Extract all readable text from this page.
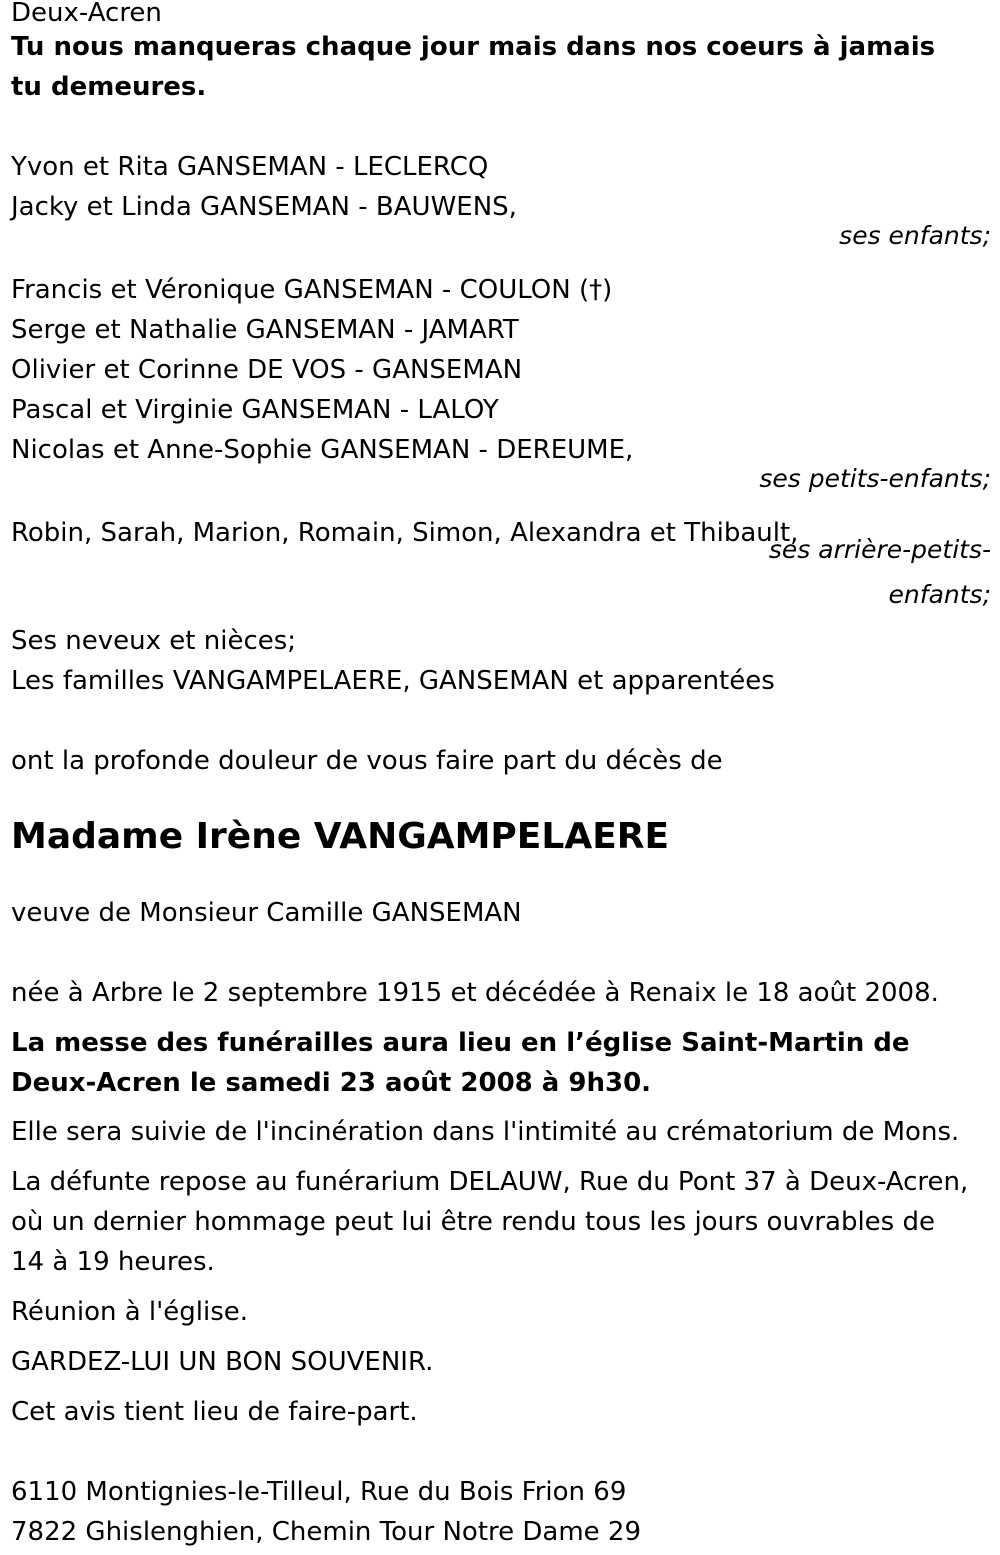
Deux-Acren
Tu nous manqueras chaque jour mais dans nos coeurs à jamais tu demeures.
Yvon et Rita GANSEMAN - LECLERCQ
Jacky et Linda GANSEMAN - BAUWENS,
ses enfants;
Francis et Véronique GANSEMAN - COULON (†)
Serge et Nathalie GANSEMAN - JAMART
Olivier et Corinne DE VOS - GANSEMAN
Pascal et Virginie GANSEMAN - LALOY
Nicolas et Anne-Sophie GANSEMAN - DEREUME,
ses petits-enfants;
Robin, Sarah, Marion, Romain, Simon, Alexandra et Thibault,
ses arrière-petits-
enfants;
Ses neveux et nièces;
Les familles VANGAMPELAERE, GANSEMAN et apparentées
ont la profonde douleur de vous faire part du décès de
Madame Irène VANGAMPELAERE
veuve de Monsieur Camille GANSEMAN
née à Arbre le 2 septembre 1915 et décédée à Renaix le 18 août 2008.
La messe des funérailles aura lieu en l’église Saint-Martin de
Deux-Acren le samedi 23 août 2008 à 9h30.
Elle sera suivie de l'incinération dans l'intimité au crématorium de Mons.
La défunte repose au funérarium DELAUW, Rue du Pont 37 à Deux-Acren,
où un dernier hommage peut lui être rendu tous les jours ouvrables de
14 à 19 heures.
Réunion à l'église.
GARDEZ-LUI UN BON SOUVENIR.
Cet avis tient lieu de faire-part.
6110 Montignies-le-Tilleul, Rue du Bois Frion 69
7822 Ghislenghien, Chemin Tour Notre Dame 29
